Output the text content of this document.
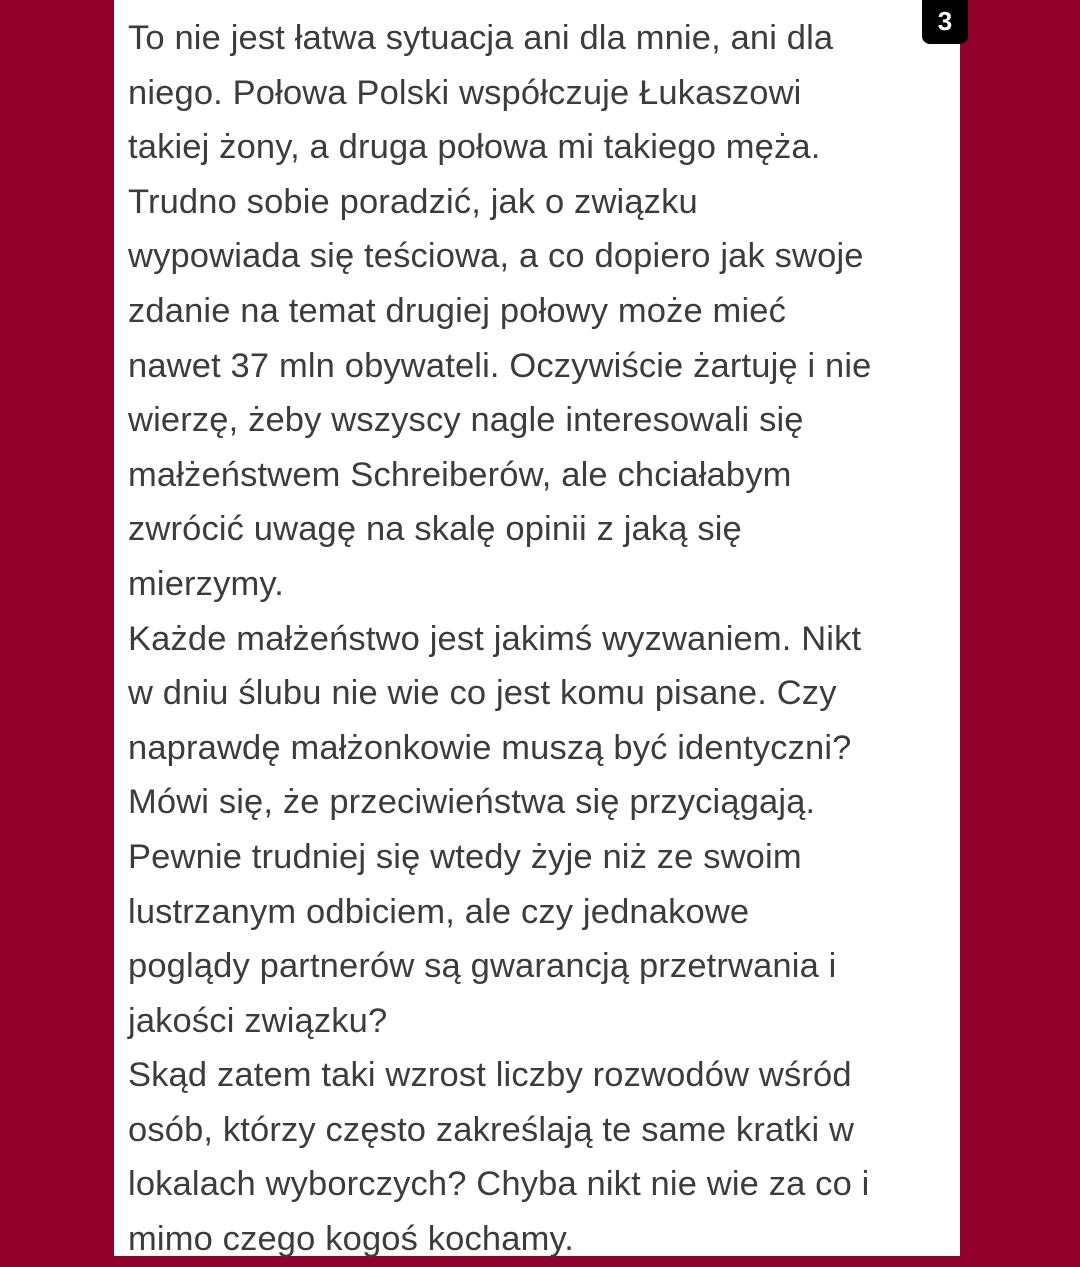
To nie jest łatwa sytuacja ani dla mnie, ani dla
niego. Połowa Polski współczuje Łukaszowi
takiej żony, a druga połowa mi takiego męża.
Trudno sobie poradzić, jak o związku
wypowiada się teściowa, a co dopiero jak swoje
zdanie na temat drugiej połowy może mieć
nawet 37 mln obywateli. Oczywiście żartuję i nie
wierzę, żeby wszyscy nagle interesowali się
małżeństwem Schreiberów, ale chciałabym
zwrócić uwagę na skalę opinii z jaką się
mierzymy.
Każde małżeństwo jest jakimś wyzwaniem. Nikt
w dniu ślubu nie wie co jest komu pisane. Czy
naprawdę małżonkowie muszą być identyczni?
Mówi się, że przeciwieństwa się przyciągają.
Pewnie trudniej się wtedy żyje niż ze swoim
lustrzanym odbiciem, ale czy jednakowe
poglądy partnerów są gwarancją przetrwania i
jakości związku?
Skąd zatem taki wzrost liczby rozwodów wśród
osób, którzy często zakreślają te same kratki w
lokalach wyborczych? Chyba nikt nie wie za co i
mimo czego kogoś kochamy.
3
